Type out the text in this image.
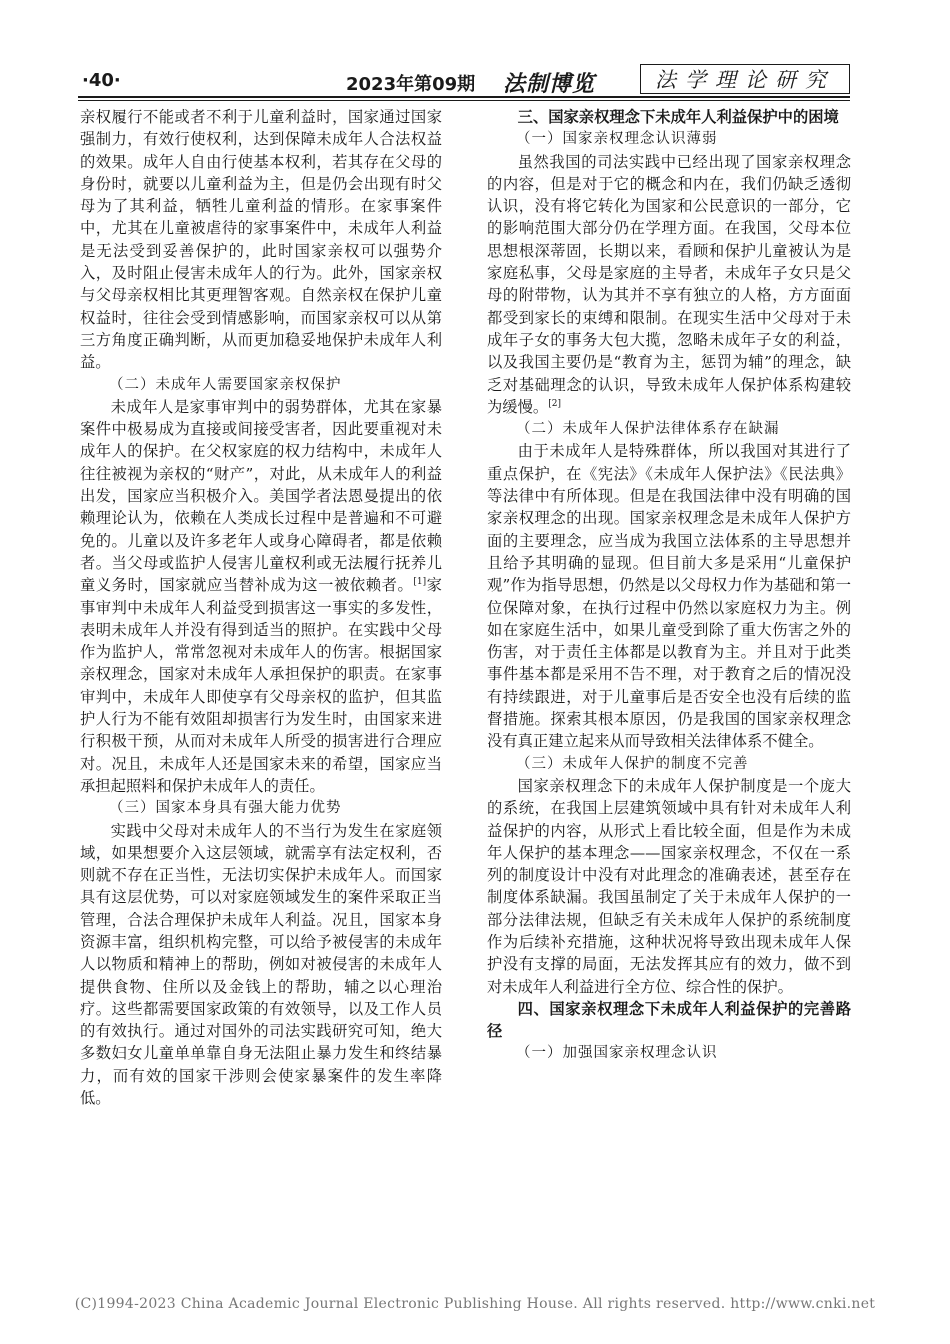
·40·	2023年第09期 法制博览	法学理论研究

亲权履行不能或者不利于儿童利益时，国家通过国家强制力，有效行使权利，达到保障未成年人合法权益的效果。成年人自由行使基本权利，若其存在父母的身份时，就要以儿童利益为主，但是仍会出现有时父母为了其利益，牺牲儿童利益的情形。在家事案件中，尤其在儿童被虐待的家事案件中，未成年人利益是无法受到妥善保护的，此时国家亲权可以强势介入，及时阻止侵害未成年人的行为。此外，国家亲权与父母亲权相比其更理智客观。自然亲权在保护儿童权益时，往往会受到情感影响，而国家亲权可以从第三方角度正确判断，从而更加稳妥地保护未成年人利益。

（二）未成年人需要国家亲权保护

未成年人是家事审判中的弱势群体，尤其在家暴案件中极易成为直接或间接受害者，因此要重视对未成年人的保护。在父权家庭的权力结构中，未成年人往往被视为亲权的“财产”，对此，从未成年人的利益出发，国家应当积极介入。美国学者法恩曼提出的依赖理论认为，依赖在人类成长过程中是普遍和不可避免的。儿童以及许多老年人或身心障碍者，都是依赖者。当父母或监护人侵害儿童权利或无法履行抚养儿童义务时，国家就应当替补成为这一被依赖者。[1]家事审判中未成年人利益受到损害这一事实的多发性，表明未成年人并没有得到适当的照护。在实践中父母作为监护人，常常忽视对未成年人的伤害。根据国家亲权理念，国家对未成年人承担保护的职责。在家事审判中，未成年人即使享有父母亲权的监护，但其监护人行为不能有效阻却损害行为发生时，由国家来进行积极干预，从而对未成年人所受的损害进行合理应对。况且，未成年人还是国家未来的希望，国家应当承担起照料和保护未成年人的责任。

（三）国家本身具有强大能力优势

实践中父母对未成年人的不当行为发生在家庭领域，如果想要介入这层领域，就需享有法定权利，否则就不存在正当性，无法切实保护未成年人。而国家具有这层优势，可以对家庭领域发生的案件采取正当管理，合法合理保护未成年人利益。况且，国家本身资源丰富，组织机构完整，可以给予被侵害的未成年人以物质和精神上的帮助，例如对被侵害的未成年人提供食物、住所以及金钱上的帮助，辅之以心理治疗。这些都需要国家政策的有效领导，以及工作人员的有效执行。通过对国外的司法实践研究可知，绝大多数妇女儿童单单靠自身无法阻止暴力发生和终结暴力，而有效的国家干涉则会使家暴案件的发生率降低。

三、国家亲权理念下未成年人利益保护中的困境
（一）国家亲权理念认识薄弱

虽然我国的司法实践中已经出现了国家亲权理念的内容，但是对于它的概念和内在，我们仍缺乏透彻认识，没有将它转化为国家和公民意识的一部分，它的影响范围大部分仍在学理方面。在我国，父母本位思想根深蒂固，长期以来，看顾和保护儿童被认为是家庭私事，父母是家庭的主导者，未成年子女只是父母的附带物，认为其并不享有独立的人格，方方面面都受到家长的束缚和限制。在现实生活中父母对于未成年子女的事务大包大揽，忽略未成年子女的利益，以及我国主要仍是“教育为主，惩罚为辅”的理念，缺乏对基础理念的认识，导致未成年人保护体系构建较为缓慢。[2]

（二）未成年人保护法律体系存在缺漏

由于未成年人是特殊群体，所以我国对其进行了重点保护，在《宪法》《未成年人保护法》《民法典》等法律中有所体现。但是在我国法律中没有明确的国家亲权理念的出现。国家亲权理念是未成年人保护方面的主要理念，应当成为我国立法体系的主导思想并且给予其明确的显现。但目前大多是采用“儿童保护观”作为指导思想，仍然是以父母权力作为基础和第一位保障对象，在执行过程中仍然以家庭权力为主。例如在家庭生活中，如果儿童受到除了重大伤害之外的伤害，对于责任主体都是以教育为主。并且对于此类事件基本都是采用不告不理，对于教育之后的情况没有持续跟进，对于儿童事后是否安全也没有后续的监督措施。探索其根本原因，仍是我国的国家亲权理念没有真正建立起来从而导致相关法律体系不健全。

（三）未成年人保护的制度不完善

国家亲权理念下的未成年人保护制度是一个庞大的系统，在我国上层建筑领域中具有针对未成年人利益保护的内容，从形式上看比较全面，但是作为未成年人保护的基本理念——国家亲权理念，不仅在一系列的制度设计中没有对此理念的准确表述，甚至存在制度体系缺漏。我国虽制定了关于未成年人保护的一部分法律法规，但缺乏有关未成年人保护的系统制度作为后续补充措施，这种状况将导致出现未成年人保护没有支撑的局面，无法发挥其应有的效力，做不到对未成年人利益进行全方位、综合性的保护。

四、国家亲权理念下未成年人利益保护的完善路径
（一）加强国家亲权理念认识
(C)1994-2023 China Academic Journal Electronic Publishing House. All rights reserved. http://www.cnki.net
